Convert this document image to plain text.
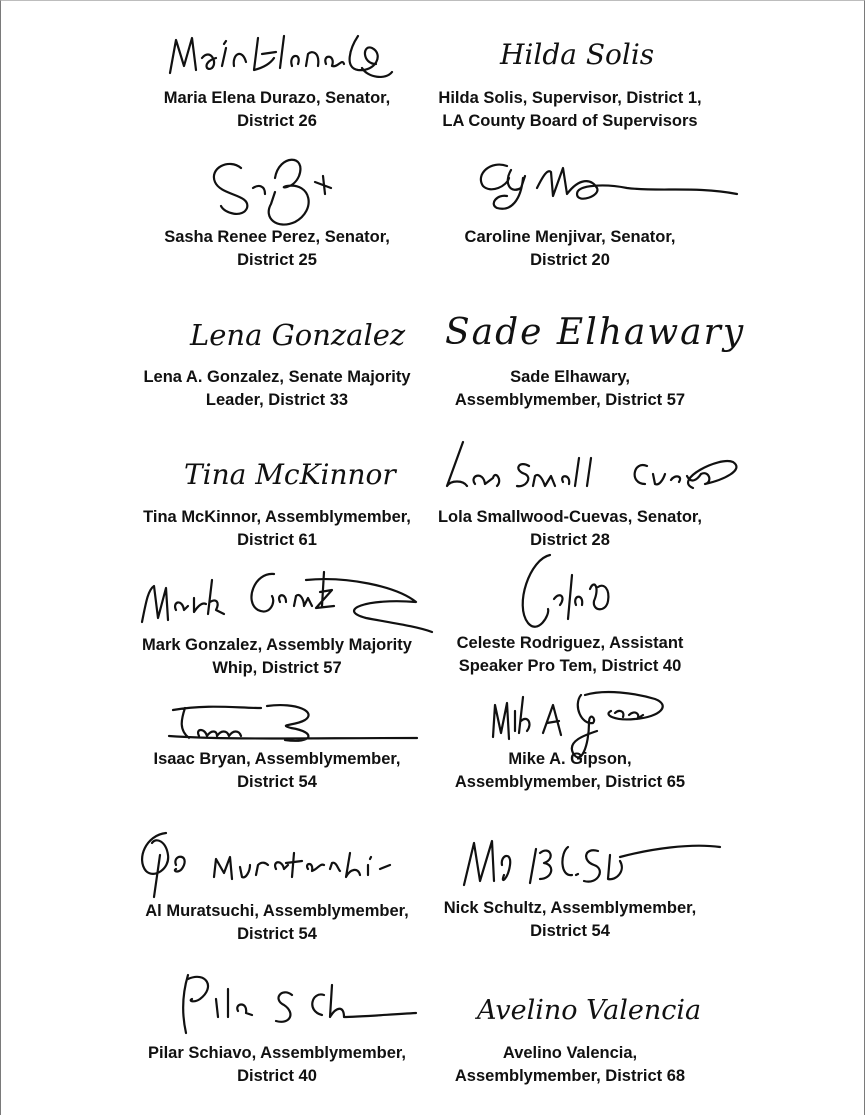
Maria Elena Durazo, Senator,
District 26
Hilda Solis
Hilda Solis, Supervisor, District 1,
LA County Board of Supervisors
Sasha Renee Perez, Senator,
District 25
Caroline Menjivar, Senator,
District 20
Lena Gonzalez
Lena A. Gonzalez, Senate Majority
Leader, District 33
Sade Elhawary
Sade Elhawary,
Assemblymember, District 57
Tina McKinnor
Tina McKinnor, Assemblymember,
District 61
Lola Smallwood-Cuevas, Senator,
District 28
Mark Gonzalez, Assembly Majority
Whip, District 57
Celeste Rodriguez, Assistant
Speaker Pro Tem, District 40
Isaac Bryan, Assemblymember,
District 54
Mike A. Gipson,
Assemblymember, District 65
Al Muratsuchi, Assemblymember,
District 54
Nick Schultz, Assemblymember,
District 54
Pilar Schiavo, Assemblymember,
District 40
Avelino Valencia
Avelino Valencia,
Assemblymember, District 68
